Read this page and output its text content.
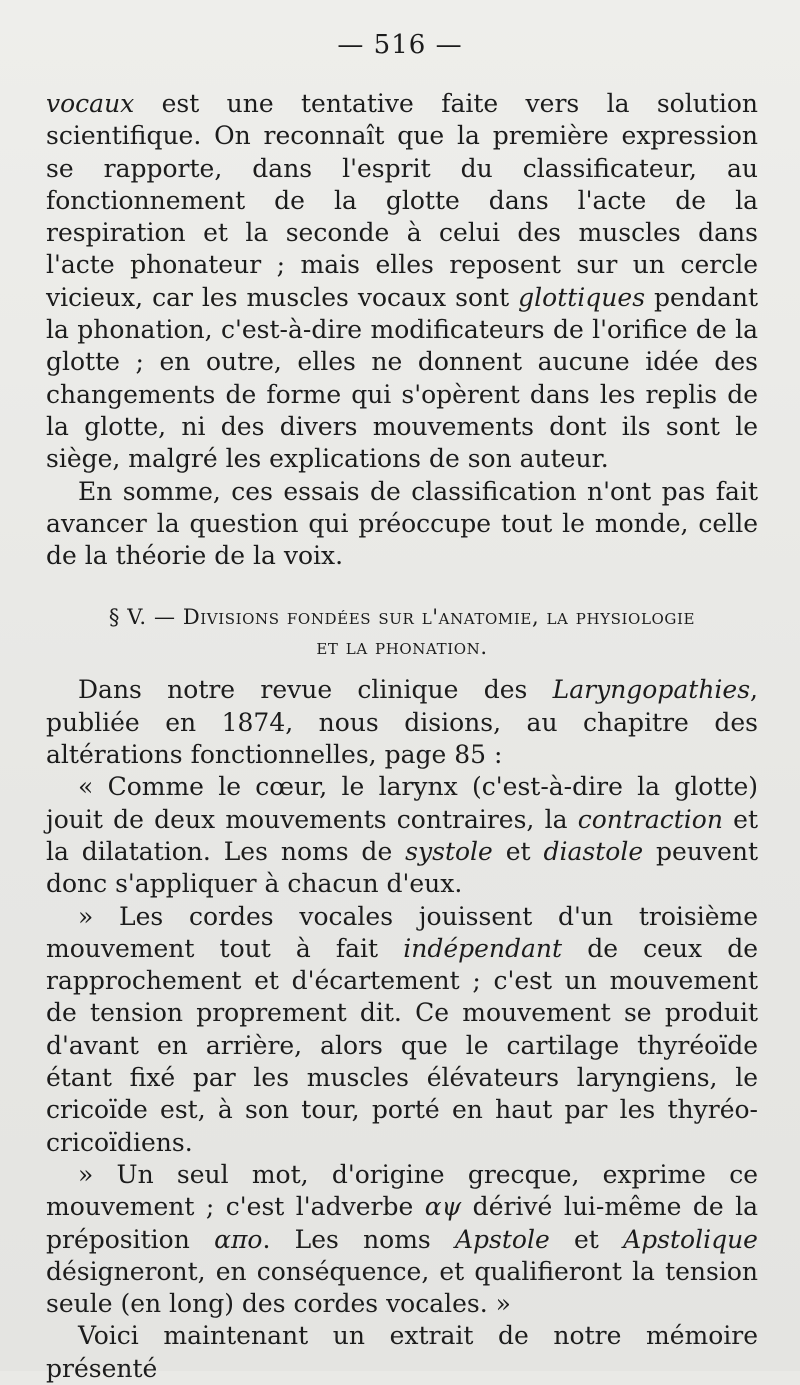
— 516 —

vocaux est une tentative faite vers la solution scientifique. On reconnaît que la première expression se rapporte, dans l'esprit du classificateur, au fonctionnement de la glotte dans l'acte de la respiration et la seconde à celui des muscles dans l'acte phonateur ; mais elles reposent sur un cercle vicieux, car les muscles vocaux sont glottiques pendant la phonation, c'est-à-dire modificateurs de l'orifice de la glotte ; en outre, elles ne donnent aucune idée des changements de forme qui s'opèrent dans les replis de la glotte, ni des divers mouvements dont ils sont le siège, malgré les explications de son auteur.

En somme, ces essais de classification n'ont pas fait avancer la question qui préoccupe tout le monde, celle de la théorie de la voix.

§ V. — Divisions fondées sur l'anatomie, la physiologie
et la phonation.

Dans notre revue clinique des Laryngopathies, publiée en 1874, nous disions, au chapitre des altérations fonctionnelles, page 85 :

« Comme le cœur, le larynx (c'est-à-dire la glotte) jouit de deux mouvements contraires, la contraction et la dilatation. Les noms de systole et diastole peuvent donc s'appliquer à chacun d'eux.

» Les cordes vocales jouissent d'un troisième mouvement tout à fait indépendant de ceux de rapprochement et d'écartement ; c'est un mouvement de tension proprement dit. Ce mouvement se produit d'avant en arrière, alors que le cartilage thyréoïde étant fixé par les muscles élévateurs laryngiens, le cricoïde est, à son tour, porté en haut par les thyréo-cricoïdiens.

» Un seul mot, d'origine grecque, exprime ce mouvement ; c'est l'adverbe αψ dérivé lui-même de la préposition απο. Les noms Apstole et Apstolique désigneront, en conséquence, et qualifieront la tension seule (en long) des cordes vocales. »

Voici maintenant un extrait de notre mémoire présenté
